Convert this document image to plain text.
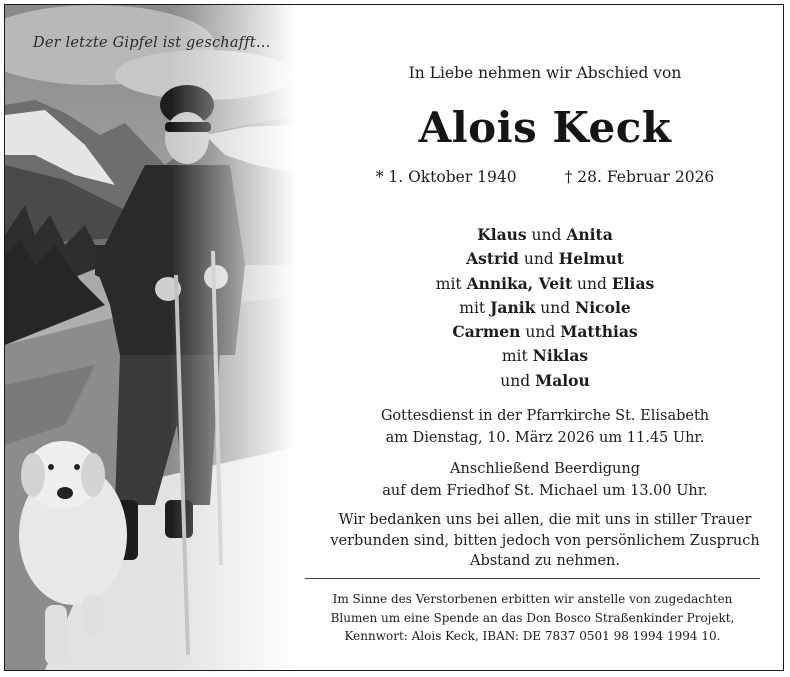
Der letzte Gipfel ist geschafft…
In Liebe nehmen wir Abschied von
Alois Keck
* 1. Oktober 1940	† 28. Februar 2026
Klaus und Anita
Astrid und Helmut
mit Annika, Veit und Elias
mit Janik und Nicole
Carmen und Matthias
mit Niklas
und Malou
Gottesdienst in der Pfarrkirche St. Elisabeth
am Dienstag, 10. März 2026 um 11.45 Uhr.
Anschließend Beerdigung
auf dem Friedhof St. Michael um 13.00 Uhr.
Wir bedanken uns bei allen, die mit uns in stiller Trauer
verbunden sind, bitten jedoch von persönlichem Zuspruch
Abstand zu nehmen.
Im Sinne des Verstorbenen erbitten wir anstelle von zugedachten
Blumen um eine Spende an das Don Bosco Straßenkinder Projekt,
Kennwort: Alois Keck, IBAN: DE 7837 0501 98 1994 1994 10.
